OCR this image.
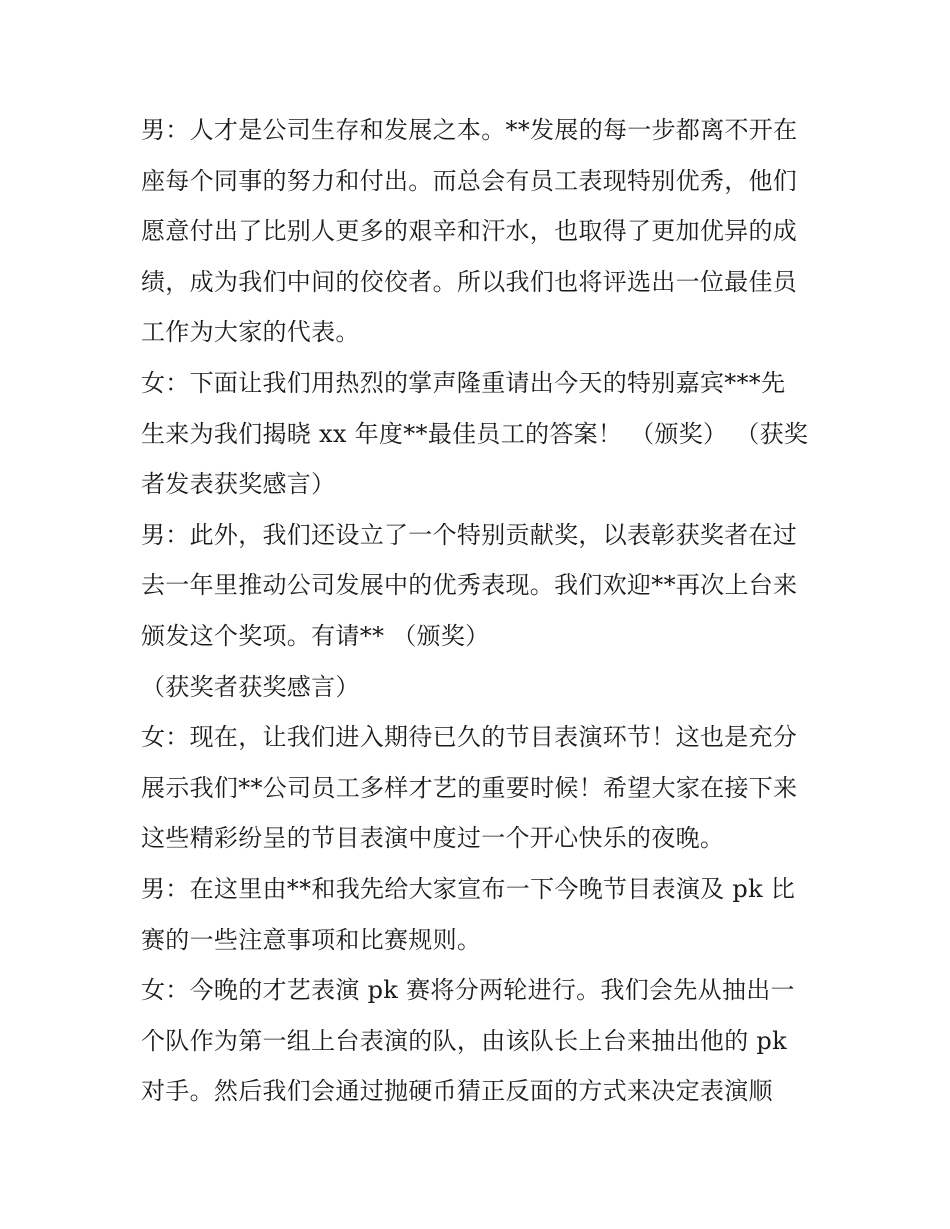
男：人才是公司生存和发展之本。**发展的每一步都离不开在
座每个同事的努力和付出。而总会有员工表现特别优秀，他们
愿意付出了比别人更多的艰辛和汗水，也取得了更加优异的成
绩，成为我们中间的佼佼者。所以我们也将评选出一位最佳员
工作为大家的代表。
女：下面让我们用热烈的掌声隆重请出今天的特别嘉宾***先
生来为我们揭晓 xx 年度**最佳员工的答案！ （颁奖） （获奖
者发表获奖感言）
男：此外，我们还设立了一个特别贡献奖，以表彰获奖者在过
去一年里推动公司发展中的优秀表现。我们欢迎**再次上台来
颁发这个奖项。有请** （颁奖）
（获奖者获奖感言）
女：现在，让我们进入期待已久的节目表演环节！这也是充分
展示我们**公司员工多样才艺的重要时候！希望大家在接下来
这些精彩纷呈的节目表演中度过一个开心快乐的夜晚。
男：在这里由**和我先给大家宣布一下今晚节目表演及 pk 比
赛的一些注意事项和比赛规则。
女：今晚的才艺表演 pk 赛将分两轮进行。我们会先从抽出一
个队作为第一组上台表演的队，由该队长上台来抽出他的 pk
对手。然后我们会通过抛硬币猜正反面的方式来决定表演顺
